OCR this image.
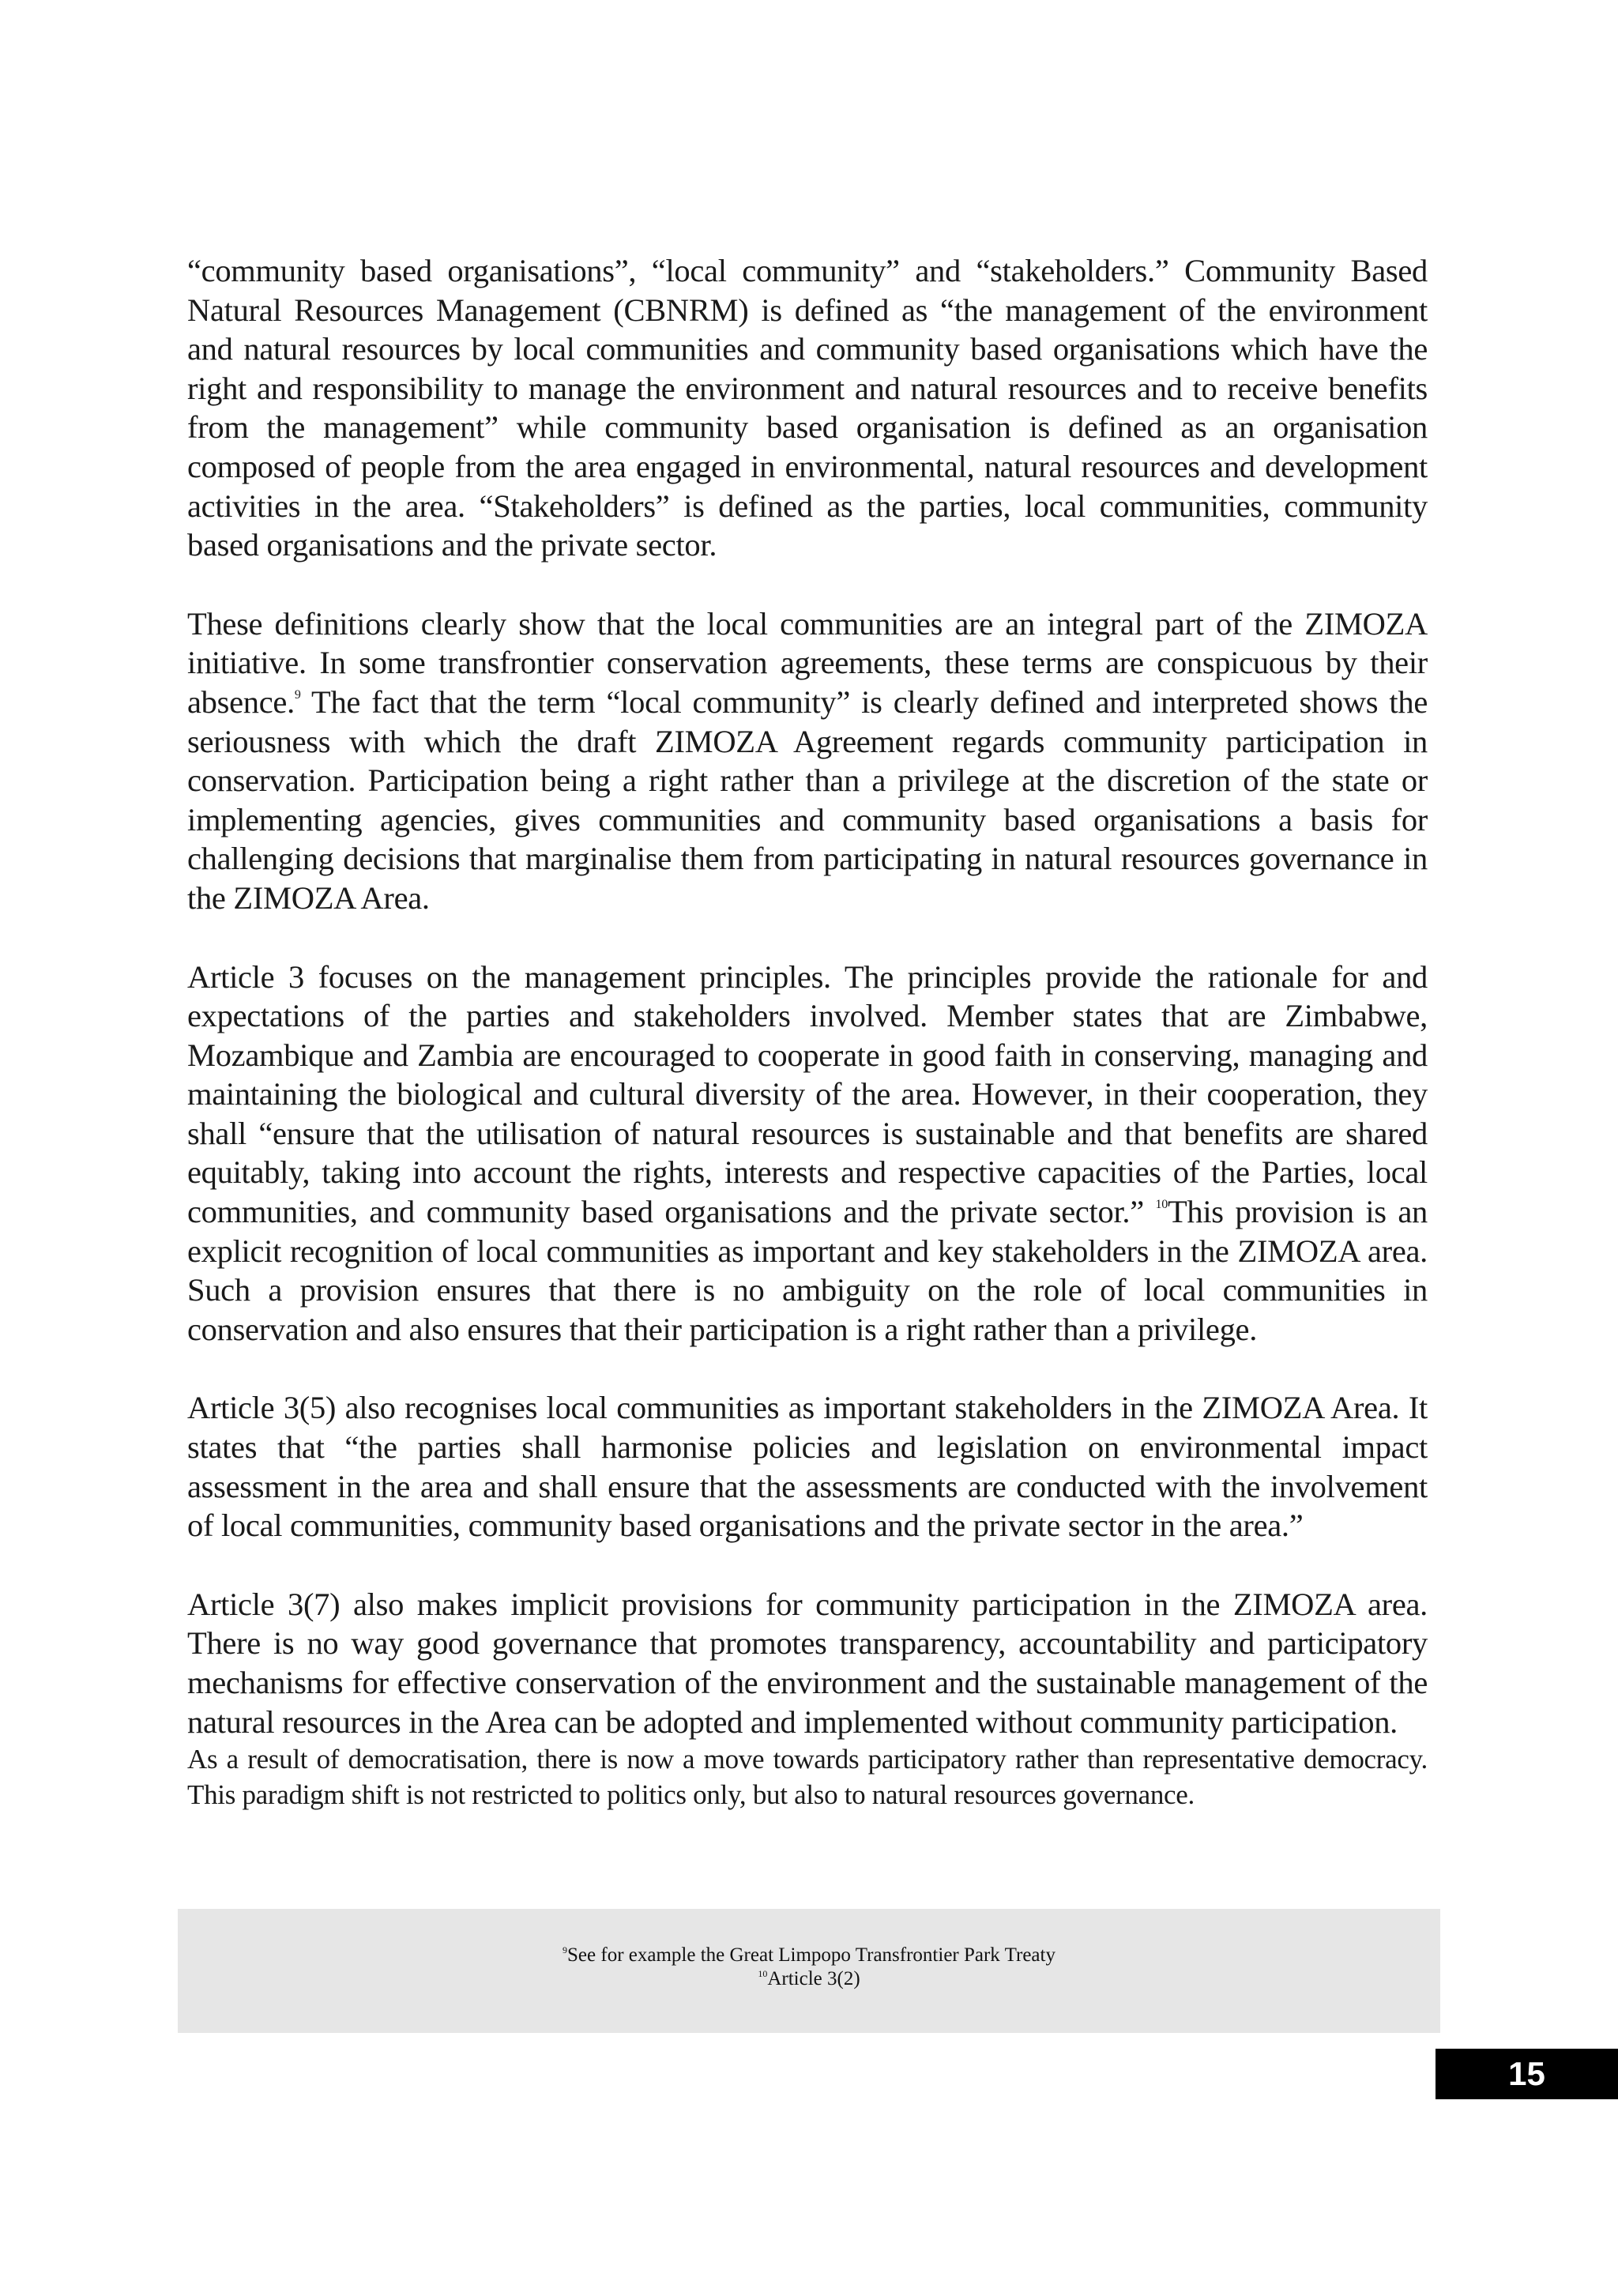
“community based organisations”, “local community” and “stakeholders.” Community Based Natural Resources Management (CBNRM) is defined as “the management of the environment and natural resources by local communities and community based organisations which have the right and responsibility to manage the environment and natural resources and to receive benefits from the management” while community based organisation is defined as an organisation composed of people from the area engaged in environmental, natural resources and development activities in the area. “Stakeholders” is defined as the parties, local communities, community based organisations and the private sector.

These definitions clearly show that the local communities are an integral part of the ZIMOZA initiative. In some transfrontier conservation agreements, these terms are conspicuous by their absence.$^9$ The fact that the term “local community” is clearly defined and interpreted shows the seriousness with which the draft ZIMOZA Agreement regards community participation in conservation. Participation being a right rather than a privilege at the discretion of the state or implementing agencies, gives communities and community based organisations a basis for challenging decisions that marginalise them from participating in natural resources governance in the ZIMOZA Area.

Article 3 focuses on the management principles. The principles provide the rationale for and expectations of the parties and stakeholders involved. Member states that are Zimbabwe, Mozambique and Zambia are encouraged to cooperate in good faith in conserving, managing and maintaining the biological and cultural diversity of the area. However, in their cooperation, they shall “ensure that the utilisation of natural resources is sustainable and that benefits are shared equitably, taking into account the rights, interests and respective capacities of the Parties, local communities, and community based organisations and the private sector.” $^{10}$This provision is an explicit recognition of local communities as important and key stakeholders in the ZIMOZA area. Such a provision ensures that there is no ambiguity on the role of local communities in conservation and also ensures that their participation is a right rather than a privilege.

Article 3(5) also recognises local communities as important stakeholders in the ZIMOZA Area. It states that “the parties shall harmonise policies and legislation on environmental impact assessment in the area and shall ensure that the assessments are conducted with the involvement of local communities, community based organisations and the private sector in the area.”

Article 3(7) also makes implicit provisions for community participation in the ZIMOZA area. There is no way good governance that promotes transparency, accountability and participatory mechanisms for effective conservation of the environment and the sustainable management of the natural resources in the Area can be adopted and implemented without community participation.

As a result of democratisation, there is now a move towards participatory rather than representative democracy. This paradigm shift is not restricted to politics only, but also to natural resources governance.

$^9$See for example the Great Limpopo Transfrontier Park Treaty
$^{10}$Article 3(2)
15
